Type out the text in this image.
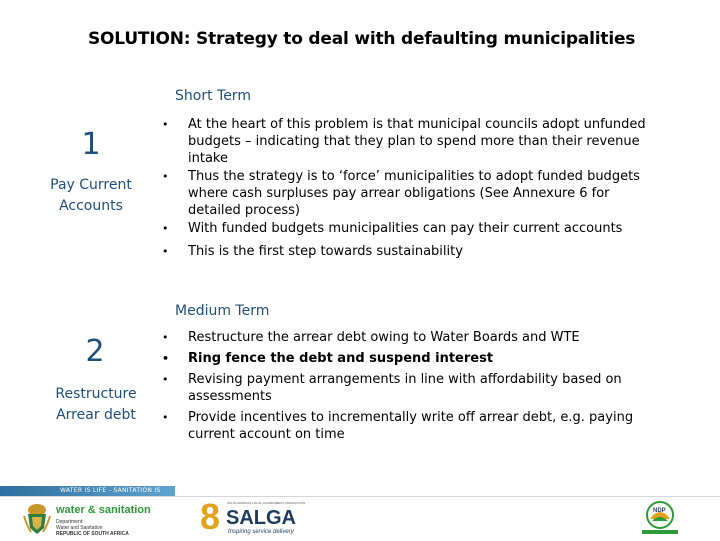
SOLUTION: Strategy to deal with defaulting municipalities
Short Term
1
Pay Current
Accounts
• At the heart of this problem is that municipal councils adopt unfunded budgets – indicating that they plan to spend more than their revenue intake
• Thus the strategy is to ‘force’ municipalities to adopt funded budgets where cash surpluses pay arrear obligations (See Annexure 6 for detailed process)
• With funded budgets municipalities can pay their current accounts
• This is the first step towards sustainability
Medium Term
2
Restructure
Arrear debt
• Restructure the arrear debt owing to Water Boards and WTE
• Ring fence the debt and suspend interest
• Revising payment arrangements in line with affordability based on assessments
• Provide incentives to incrementally write off arrear debt, e.g. paying current account on time
WATER IS LIFE - SANITATION IS DIGNITY
water & sanitation
Department:
Water and Sanitation
REPUBLIC OF SOUTH AFRICA 8 SOUTH AFRICAN LOCAL GOVERNMENT ASSOCIATION
SALGA
Inspiring service delivery
NDP
